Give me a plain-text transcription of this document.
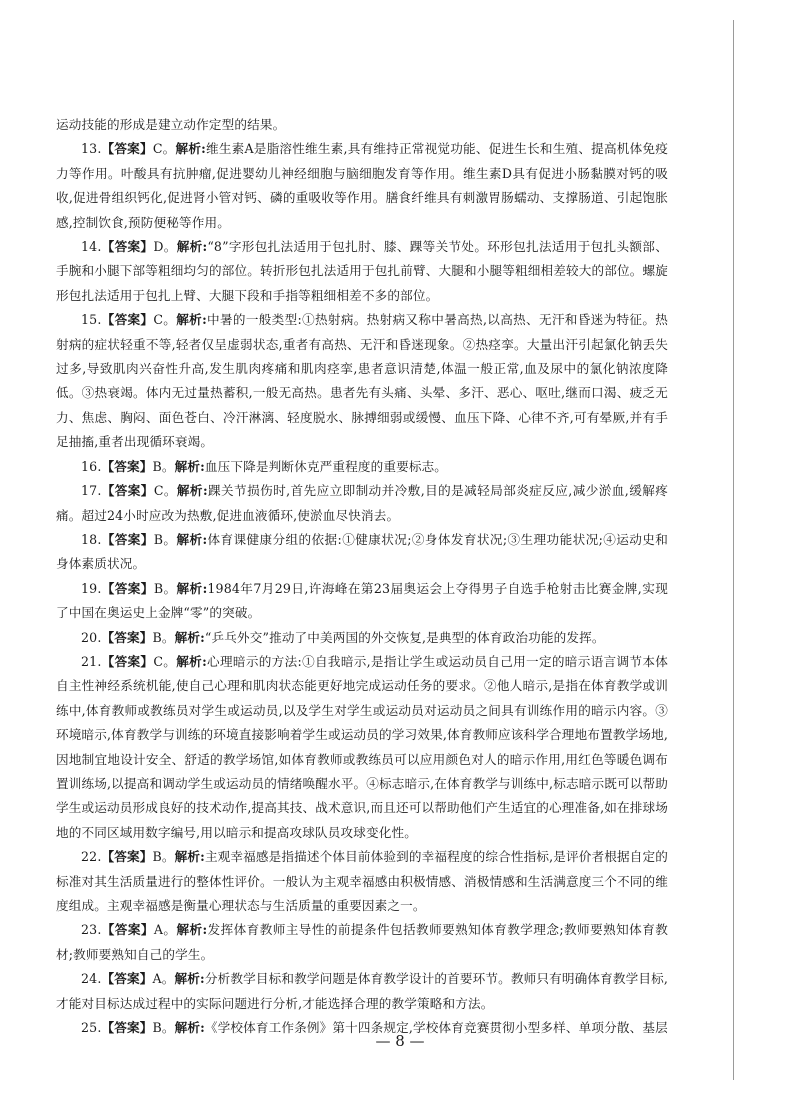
运动技能的形成是建立动作定型的结果。

13.【答案】C。解析:维生素A是脂溶性维生素,具有维持正常视觉功能、促进生长和生殖、提高机体免疫力等作用。叶酸具有抗肿瘤,促进婴幼儿神经细胞与脑细胞发育等作用。维生素D具有促进小肠黏膜对钙的吸收,促进骨组织钙化,促进肾小管对钙、磷的重吸收等作用。膳食纤维具有刺激胃肠蠕动、支撑肠道、引起饱胀感,控制饮食,预防便秘等作用。

14.【答案】D。解析:“8”字形包扎法适用于包扎肘、膝、踝等关节处。环形包扎法适用于包扎头额部、手腕和小腿下部等粗细均匀的部位。转折形包扎法适用于包扎前臂、大腿和小腿等粗细相差较大的部位。螺旋形包扎法适用于包扎上臂、大腿下段和手指等粗细相差不多的部位。

15.【答案】C。解析:中暑的一般类型:①热射病。热射病又称中暑高热,以高热、无汗和昏迷为特征。热射病的症状轻重不等,轻者仅呈虚弱状态,重者有高热、无汗和昏迷现象。②热痉挛。大量出汗引起氯化钠丢失过多,导致肌肉兴奋性升高,发生肌肉疼痛和肌肉痉挛,患者意识清楚,体温一般正常,血及尿中的氯化钠浓度降低。③热衰竭。体内无过量热蓄积,一般无高热。患者先有头痛、头晕、多汗、恶心、呕吐,继而口渴、疲乏无力、焦虑、胸闷、面色苍白、冷汗淋漓、轻度脱水、脉搏细弱或缓慢、血压下降、心律不齐,可有晕厥,并有手足抽搐,重者出现循环衰竭。

16.【答案】B。解析:血压下降是判断休克严重程度的重要标志。

17.【答案】C。解析:踝关节损伤时,首先应立即制动并冷敷,目的是减轻局部炎症反应,减少淤血,缓解疼痛。超过24小时应改为热敷,促进血液循环,使淤血尽快消去。

18.【答案】B。解析:体育课健康分组的依据:①健康状况;②身体发育状况;③生理功能状况;④运动史和身体素质状况。

19.【答案】B。解析:1984年7月29日,许海峰在第23届奥运会上夺得男子自选手枪射击比赛金牌,实现了中国在奥运史上金牌“零”的突破。

20.【答案】B。解析:“乒乓外交”推动了中美两国的外交恢复,是典型的体育政治功能的发挥。

21.【答案】C。解析:心理暗示的方法:①自我暗示,是指让学生或运动员自己用一定的暗示语言调节本体自主性神经系统机能,使自己心理和肌肉状态能更好地完成运动任务的要求。②他人暗示,是指在体育教学或训练中,体育教师或教练员对学生或运动员,以及学生对学生或运动员对运动员之间具有训练作用的暗示内容。③环境暗示,体育教学与训练的环境直接影响着学生或运动员的学习效果,体育教师应该科学合理地布置教学场地,因地制宜地设计安全、舒适的教学场馆,如体育教师或教练员可以应用颜色对人的暗示作用,用红色等暖色调布置训练场,以提高和调动学生或运动员的情绪唤醒水平。④标志暗示,在体育教学与训练中,标志暗示既可以帮助学生或运动员形成良好的技术动作,提高其技、战术意识,而且还可以帮助他们产生适宜的心理准备,如在排球场地的不同区域用数字编号,用以暗示和提高攻球队员攻球变化性。

22.【答案】B。解析:主观幸福感是指描述个体目前体验到的幸福程度的综合性指标,是评价者根据自定的标准对其生活质量进行的整体性评价。一般认为主观幸福感由积极情感、消极情感和生活满意度三个不同的维度组成。主观幸福感是衡量心理状态与生活质量的重要因素之一。

23.【答案】A。解析:发挥体育教师主导性的前提条件包括教师要熟知体育教学理念;教师要熟知体育教材;教师要熟知自己的学生。

24.【答案】A。解析:分析教学目标和教学问题是体育教学设计的首要环节。教师只有明确体育教学目标,才能对目标达成过程中的实际问题进行分析,才能选择合理的教学策略和方法。

25.【答案】B。解析:《学校体育工作条例》第十四条规定,学校体育竞赛贯彻小型多样、单项分散、基层

— 8 —
